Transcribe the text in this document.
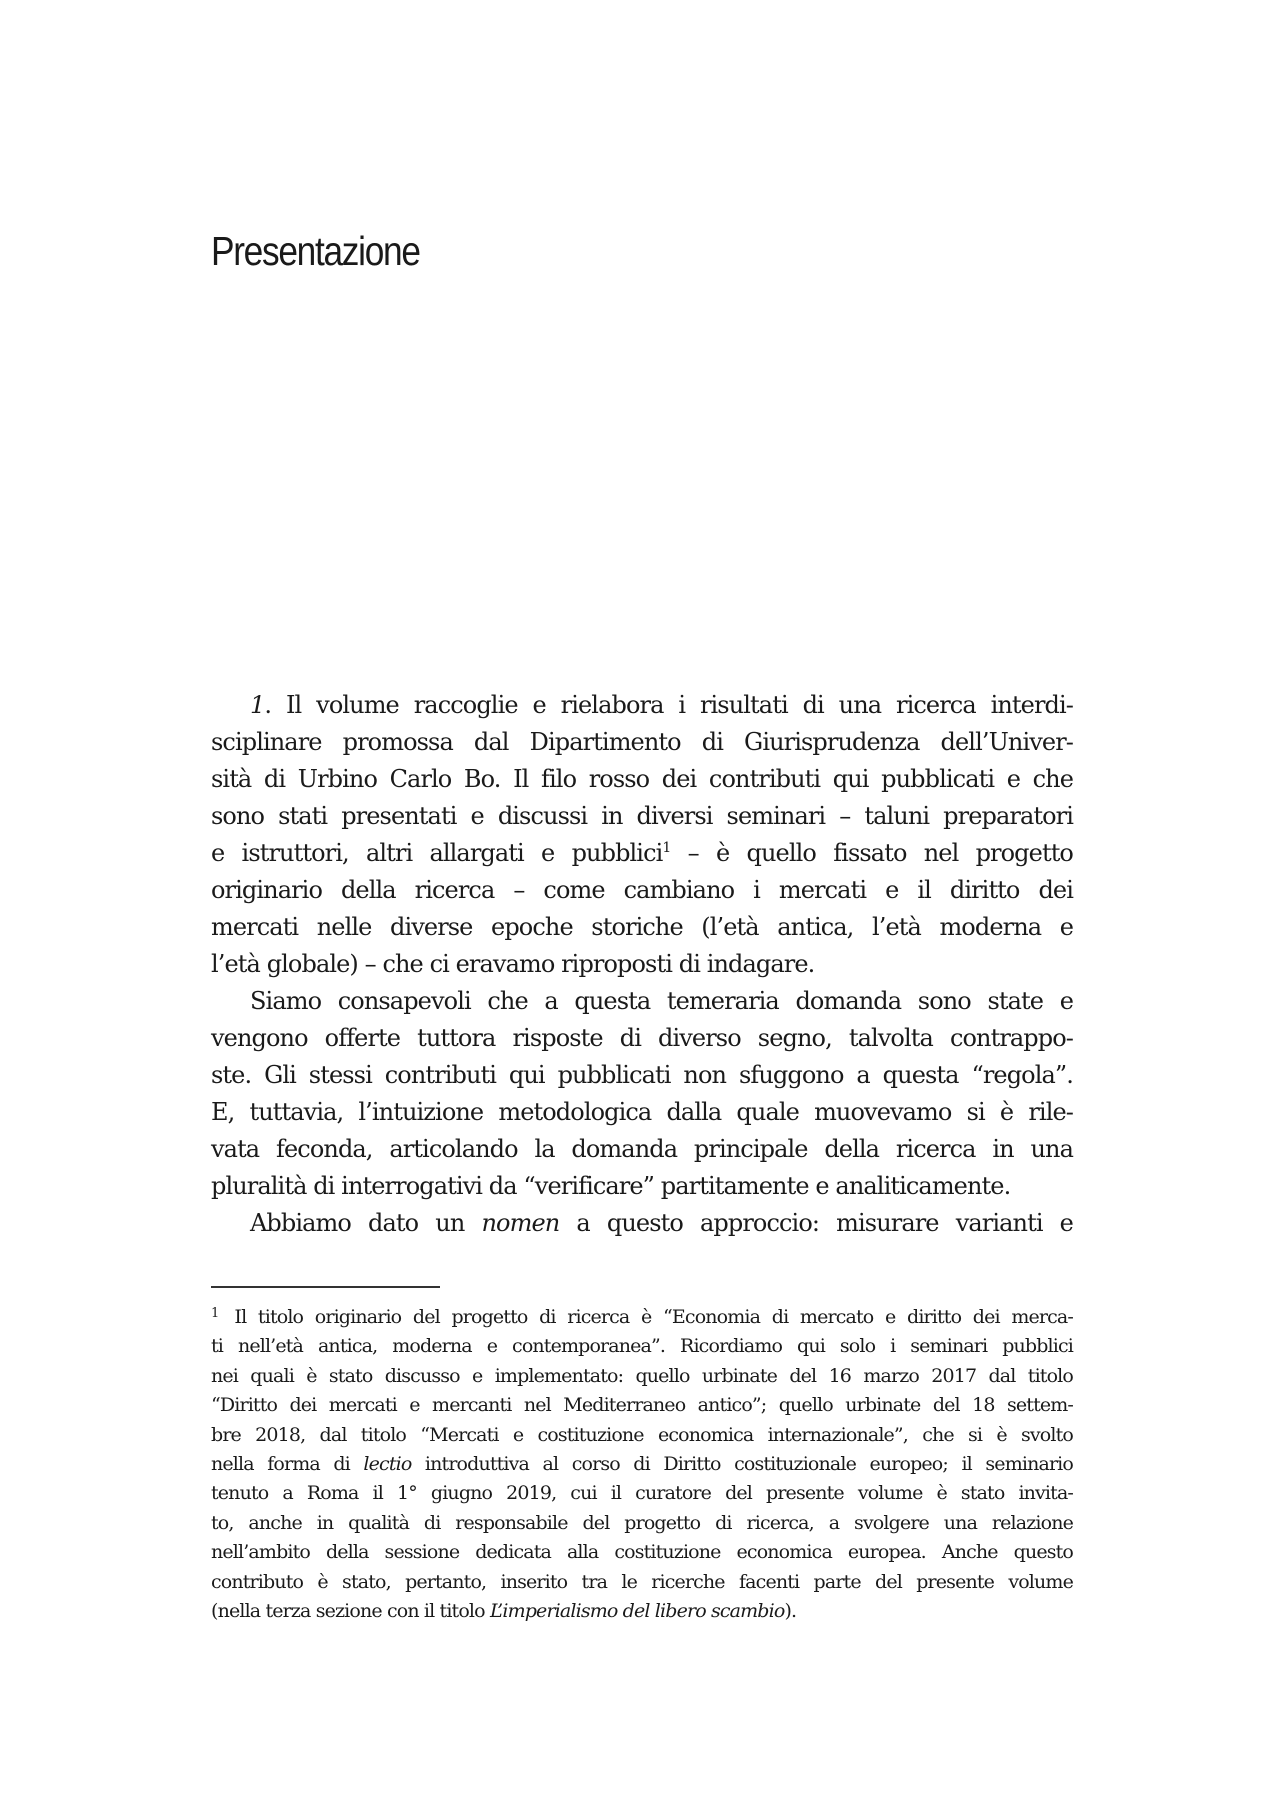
Presentazione
1. Il volume raccoglie e rielabora i risultati di una ricerca interdi-
sciplinare promossa dal Dipartimento di Giurisprudenza dell’Univer-
sità di Urbino Carlo Bo. Il filo rosso dei contributi qui pubblicati e che
sono stati presentati e discussi in diversi seminari – taluni preparatori
e istruttori, altri allargati e pubblici$^1$ – è quello fissato nel progetto
originario della ricerca – come cambiano i mercati e il diritto dei
mercati nelle diverse epoche storiche (l’età antica, l’età moderna e
l’età globale) – che ci eravamo riproposti di indagare.
Siamo consapevoli che a questa temeraria domanda sono state e
vengono offerte tuttora risposte di diverso segno, talvolta contrappo-
ste. Gli stessi contributi qui pubblicati non sfuggono a questa “regola”.
E, tuttavia, l’intuizione metodologica dalla quale muovevamo si è rile-
vata feconda, articolando la domanda principale della ricerca in una
pluralità di interrogativi da “verificare” partitamente e analiticamente.
Abbiamo dato un nomen a questo approccio: misurare varianti e
$^1$ Il titolo originario del progetto di ricerca è “Economia di mercato e diritto dei merca-
ti nell’età antica, moderna e contemporanea”. Ricordiamo qui solo i seminari pubblici
nei quali è stato discusso e implementato: quello urbinate del 16 marzo 2017 dal titolo
“Diritto dei mercati e mercanti nel Mediterraneo antico”; quello urbinate del 18 settem-
bre 2018, dal titolo “Mercati e costituzione economica internazionale”, che si è svolto
nella forma di lectio introduttiva al corso di Diritto costituzionale europeo; il seminario
tenuto a Roma il 1° giugno 2019, cui il curatore del presente volume è stato invita-
to, anche in qualità di responsabile del progetto di ricerca, a svolgere una relazione
nell’ambito della sessione dedicata alla costituzione economica europea. Anche questo
contributo è stato, pertanto, inserito tra le ricerche facenti parte del presente volume
(nella terza sezione con il titolo L’imperialismo del libero scambio).
